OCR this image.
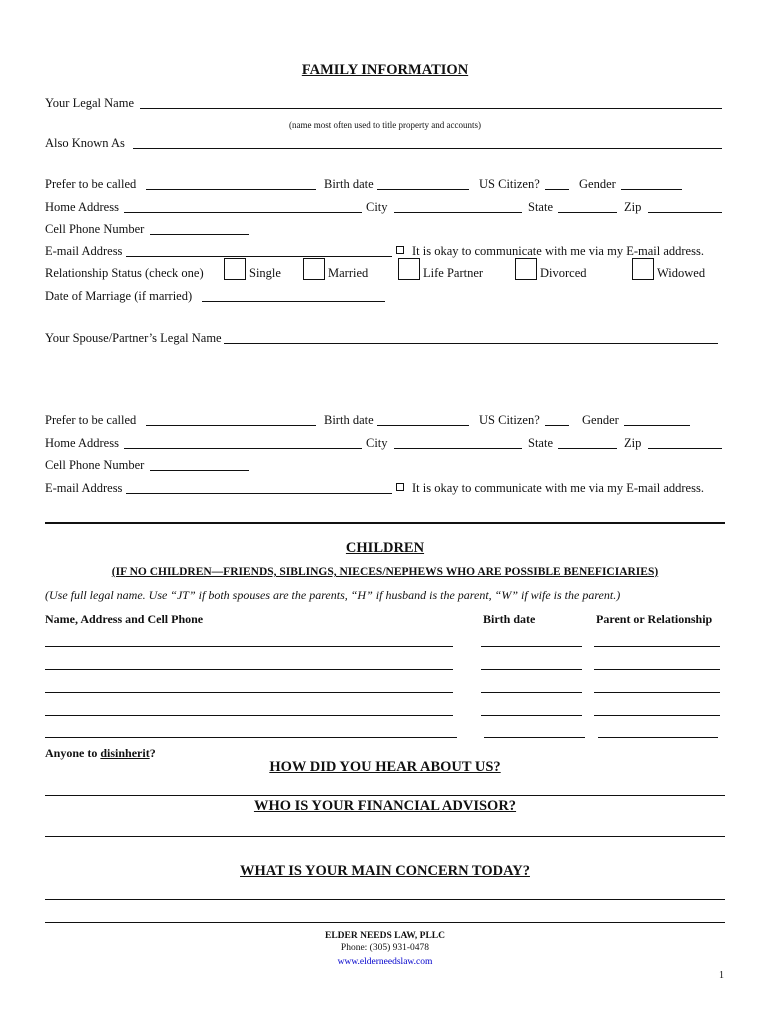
FAMILY INFORMATION
Your Legal Name
(name most often used to title property and accounts)
Also Known As
Prefer to be called	Birth date	US Citizen?	Gender
Home Address	City	State	Zip
Cell Phone Number
E-mail Address	It is okay to communicate with me via my E-mail address.
Relationship Status (check one)	Single	Married	Life Partner	Divorced	Widowed
Date of Marriage (if married)
Your Spouse/Partner’s Legal Name
Prefer to be called	Birth date	US Citizen?	Gender
Home Address	City	State	Zip
Cell Phone Number
E-mail Address	It is okay to communicate with me via my E-mail address.
CHILDREN
(IF NO CHILDREN—FRIENDS, SIBLINGS, NIECES/NEPHEWS WHO ARE POSSIBLE BENEFICIARIES)
(Use full legal name. Use “JT” if both spouses are the parents, “H” if husband is the parent, “W” if wife is the parent.)
Name, Address and Cell Phone	Birth date	Parent or Relationship
Anyone to disinherit?
HOW DID YOU HEAR ABOUT US?
WHO IS YOUR FINANCIAL ADVISOR?
WHAT IS YOUR MAIN CONCERN TODAY?
ELDER NEEDS LAW, PLLC
Phone: (305) 931-0478
www.elderneedslaw.com
1
